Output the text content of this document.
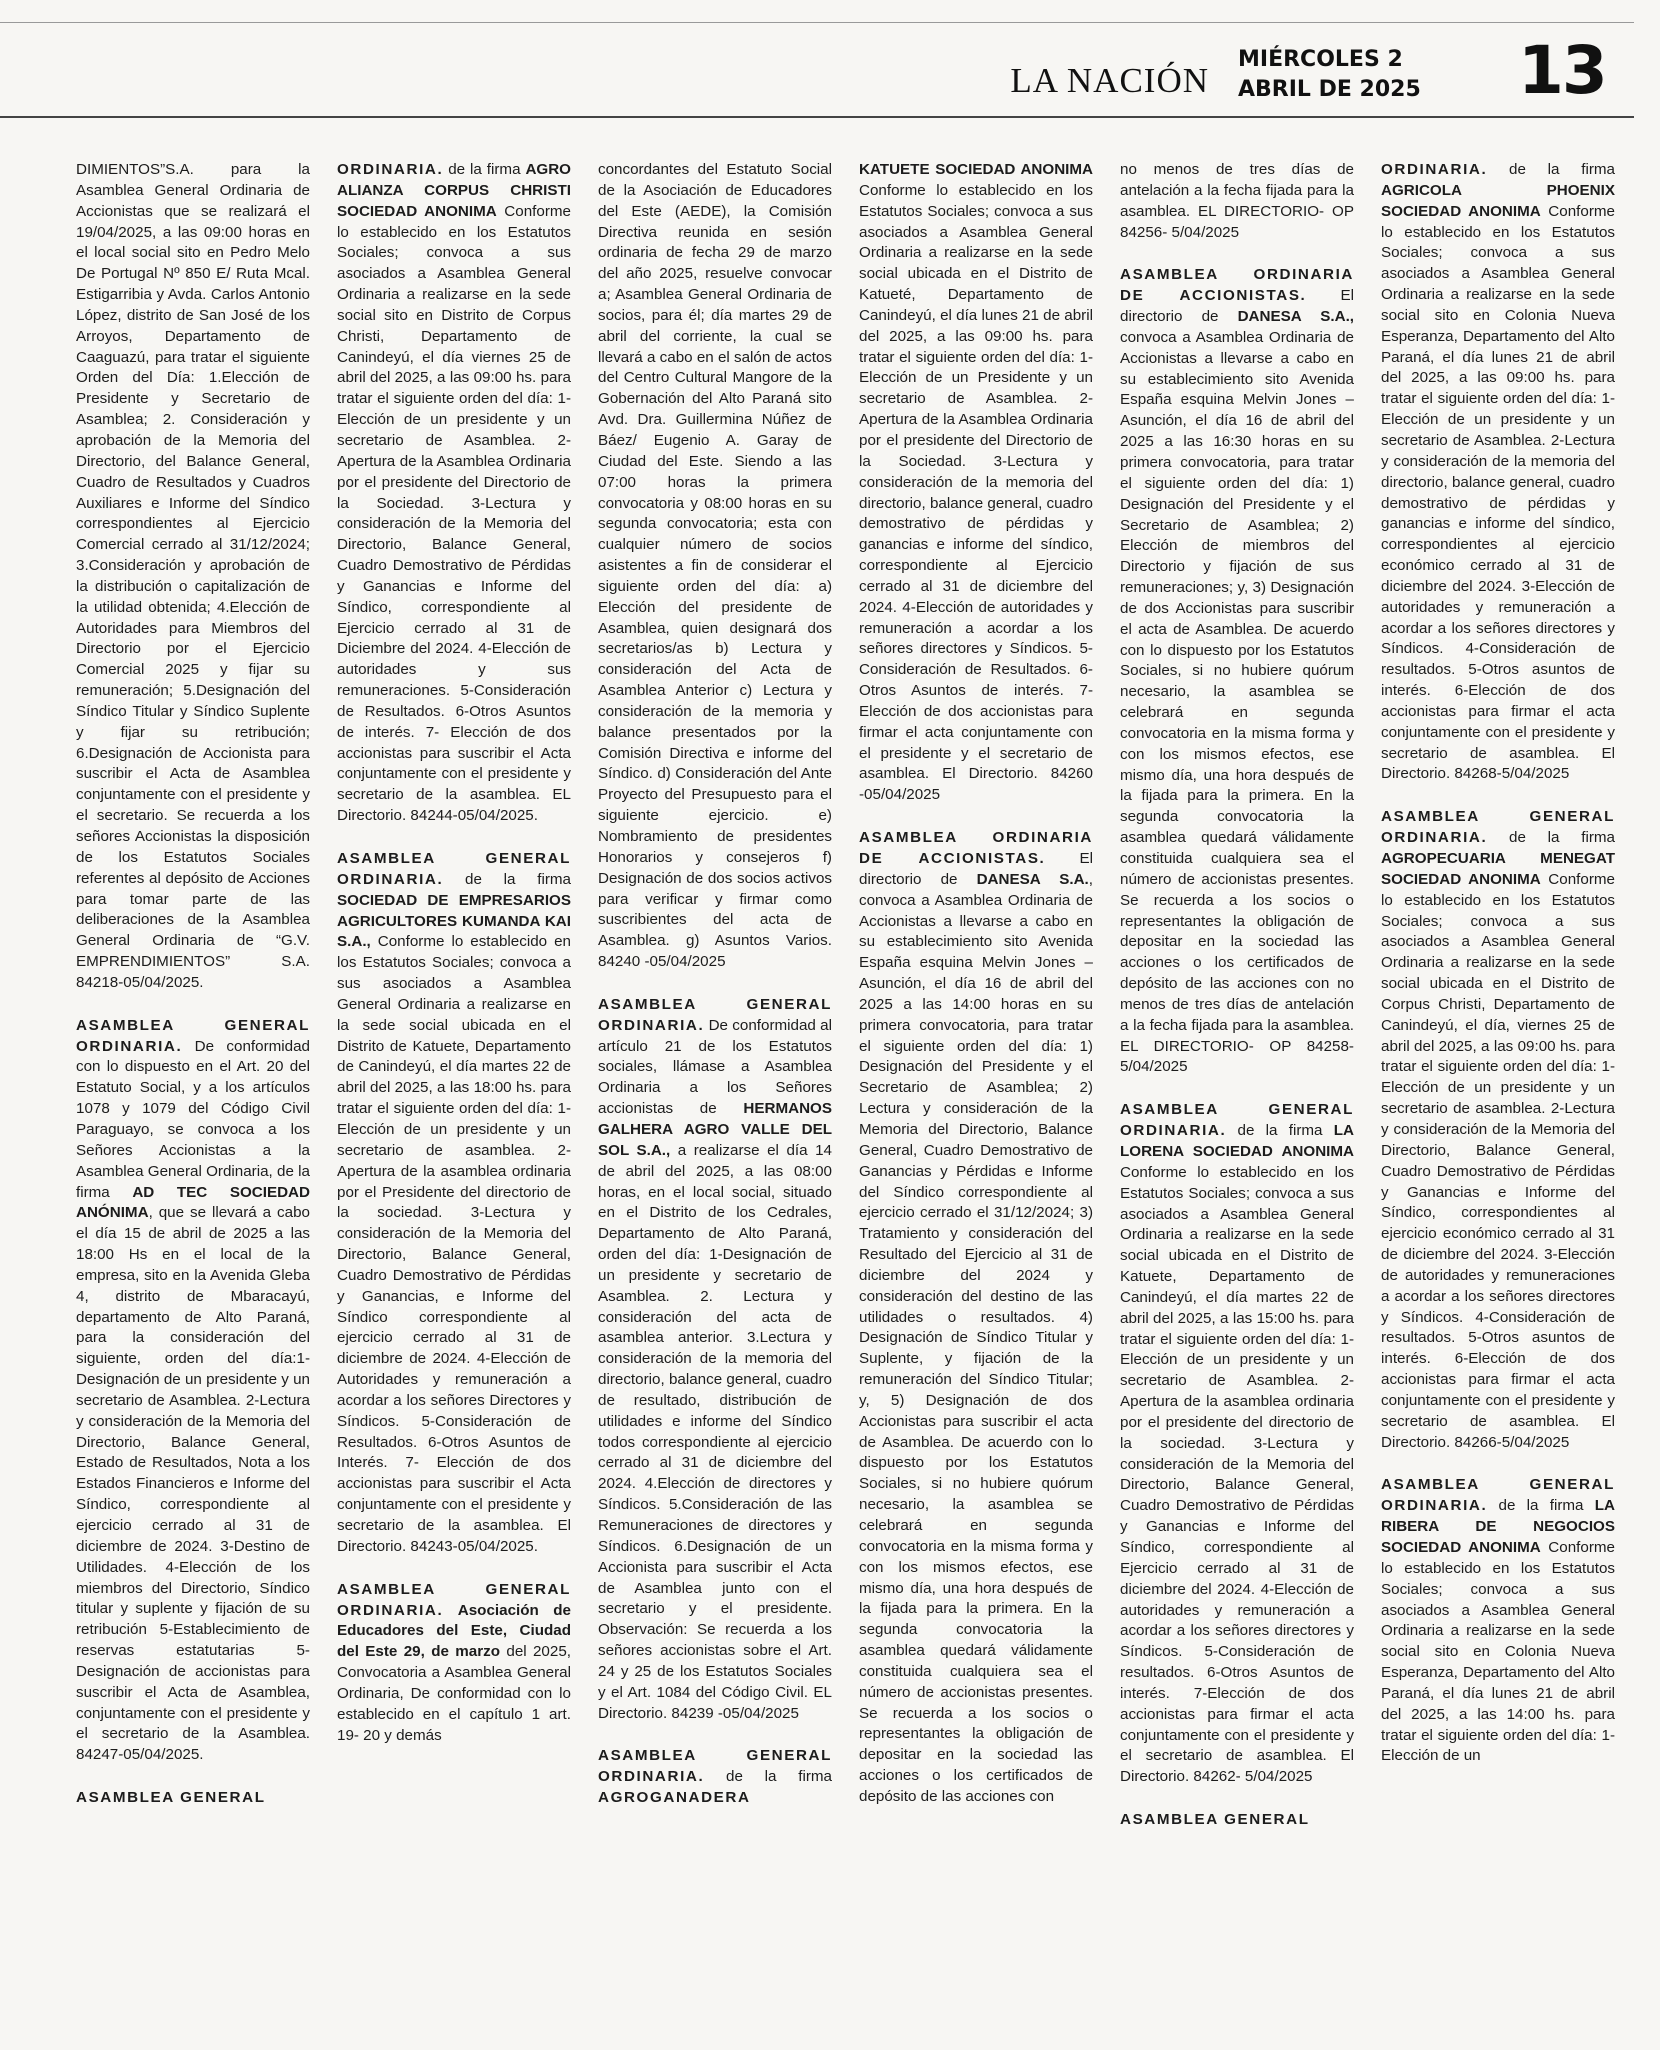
LA NACIÓN
MIÉRCOLES 2
ABRIL DE 2025 13

DIMIENTOS”S.A. para la Asamblea General Ordinaria de Accionistas que se realizará el 19/04/2025, a las 09:00 horas en el local social sito en Pedro Melo De Portugal Nº 850 E/ Ruta Mcal. Estigarribia y Avda. Carlos Antonio López, distrito de San José de los Arroyos, Departamento de Caaguazú, para tratar el siguiente Orden del Día: 1.Elección de Presidente y Secretario de Asamblea; 2. Consideración y aprobación de la Memoria del Directorio, del Balance General, Cuadro de Resultados y Cuadros Auxiliares e Informe del Síndico correspondientes al Ejercicio Comercial cerrado al 31/12/2024; 3.Consideración y aprobación de la distribución o capitalización de la utilidad obtenida; 4.Elección de Autoridades para Miembros del Directorio por el Ejercicio Comercial 2025 y fijar su remuneración; 5.Designación del Síndico Titular y Síndico Suplente y fijar su retribución; 6.Designación de Accionista para suscribir el Acta de Asamblea conjuntamente con el presidente y el secretario. Se recuerda a los señores Accionistas la disposición de los Estatutos Sociales referentes al depósito de Acciones para tomar parte de las deliberaciones de la Asamblea General Ordinaria de “G.V. EMPRENDIMIENTOS” S.A. 84218-05/04/2025.

ASAMBLEA GENERAL ORDINARIA. De conformidad con lo dispuesto en el Art. 20 del Estatuto Social, y a los artículos 1078 y 1079 del Código Civil Paraguayo, se convoca a los Señores Accionistas a la Asamblea General Ordinaria, de la firma AD TEC SOCIEDAD ANÓNIMA, que se llevará a cabo el día 15 de abril de 2025 a las 18:00 Hs en el local de la empresa, sito en la Avenida Gleba 4, distrito de Mbaracayú, departamento de Alto Paraná, para la consideración del siguiente, orden del día:1-Designación de un presidente y un secretario de Asamblea. 2-Lectura y consideración de la Memoria del Directorio, Balance General, Estado de Resultados, Nota a los Estados Financieros e Informe del Síndico, correspondiente al ejercicio cerrado al 31 de diciembre de 2024. 3-Destino de Utilidades. 4-Elección de los miembros del Directorio, Síndico titular y suplente y fijación de su retribución 5-Establecimiento de reservas estatutarias 5-Designación de accionistas para suscribir el Acta de Asamblea, conjuntamente con el presidente y el secretario de la Asamblea. 84247-05/04/2025.

ASAMBLEA GENERAL

ORDINARIA. de la firma AGRO ALIANZA CORPUS CHRISTI SOCIEDAD ANONIMA Conforme lo establecido en los Estatutos Sociales; convoca a sus asociados a Asamblea General Ordinaria a realizarse en la sede social sito en Distrito de Corpus Christi, Departamento de Canindeyú, el día viernes 25 de abril del 2025, a las 09:00 hs. para tratar el siguiente orden del día: 1-Elección de un presidente y un secretario de Asamblea. 2-Apertura de la Asamblea Ordinaria por el presidente del Directorio de la Sociedad. 3-Lectura y consideración de la Memoria del Directorio, Balance General, Cuadro Demostrativo de Pérdidas y Ganancias e Informe del Síndico, correspondiente al Ejercicio cerrado al 31 de Diciembre del 2024. 4-Elección de autoridades y sus remuneraciones. 5-Consideración de Resultados. 6-Otros Asuntos de interés. 7- Elección de dos accionistas para suscribir el Acta conjuntamente con el presidente y secretario de la asamblea. EL Directorio. 84244-05/04/2025.

ASAMBLEA GENERAL ORDINARIA. de la firma SOCIEDAD DE EMPRESARIOS AGRICULTORES KUMANDA KAI S.A., Conforme lo establecido en los Estatutos Sociales; convoca a sus asociados a Asamblea General Ordinaria a realizarse en la sede social ubicada en el Distrito de Katuete, Departamento de Canindeyú, el día martes 22 de abril del 2025, a las 18:00 hs. para tratar el siguiente orden del día: 1-Elección de un presidente y un secretario de asamblea. 2-Apertura de la asamblea ordinaria por el Presidente del directorio de la sociedad. 3-Lectura y consideración de la Memoria del Directorio, Balance General, Cuadro Demostrativo de Pérdidas y Ganancias, e Informe del Síndico correspondiente al ejercicio cerrado al 31 de diciembre de 2024. 4-Elección de Autoridades y remuneración a acordar a los señores Directores y Síndicos. 5-Consideración de Resultados. 6-Otros Asuntos de Interés. 7- Elección de dos accionistas para suscribir el Acta conjuntamente con el presidente y secretario de la asamblea. El Directorio. 84243-05/04/2025.

ASAMBLEA GENERAL ORDINARIA. Asociación de Educadores del Este, Ciudad del Este 29, de marzo del 2025, Convocatoria a Asamblea General Ordinaria, De conformidad con lo establecido en el capítulo 1 art. 19- 20 y demás

concordantes del Estatuto Social de la Asociación de Educadores del Este (AEDE), la Comisión Directiva reunida en sesión ordinaria de fecha 29 de marzo del año 2025, resuelve convocar a; Asamblea General Ordinaria de socios, para él; día martes 29 de abril del corriente, la cual se llevará a cabo en el salón de actos del Centro Cultural Mangore de la Gobernación del Alto Paraná sito Avd. Dra. Guillermina Núñez de Báez/ Eugenio A. Garay de Ciudad del Este. Siendo a las 07:00 horas la primera convocatoria y 08:00 horas en su segunda convocatoria; esta con cualquier número de socios asistentes a fin de considerar el siguiente orden del día: a) Elección del presidente de Asamblea, quien designará dos secretarios/as b) Lectura y consideración del Acta de Asamblea Anterior c) Lectura y consideración de la memoria y balance presentados por la Comisión Directiva e informe del Síndico. d) Consideración del Ante Proyecto del Presupuesto para el siguiente ejercicio. e) Nombramiento de presidentes Honorarios y consejeros f) Designación de dos socios activos para verificar y firmar como suscribientes del acta de Asamblea. g) Asuntos Varios. 84240 -05/04/2025

ASAMBLEA GENERAL ORDINARIA. De conformidad al artículo 21 de los Estatutos sociales, llámase a Asamblea Ordinaria a los Señores accionistas de HERMANOS GALHERA AGRO VALLE DEL SOL S.A., a realizarse el día 14 de abril del 2025, a las 08:00 horas, en el local social, situado en el Distrito de los Cedrales, Departamento de Alto Paraná, orden del día: 1-Designación de un presidente y secretario de Asamblea. 2. Lectura y consideración del acta de asamblea anterior. 3.Lectura y consideración de la memoria del directorio, balance general, cuadro de resultado, distribución de utilidades e informe del Síndico todos correspondiente al ejercicio cerrado al 31 de diciembre del 2024. 4.Elección de directores y Síndicos. 5.Consideración de las Remuneraciones de directores y Síndicos. 6.Designación de un Accionista para suscribir el Acta de Asamblea junto con el secretario y el presidente. Observación: Se recuerda a los señores accionistas sobre el Art. 24 y 25 de los Estatutos Sociales y el Art. 1084 del Código Civil. EL Directorio. 84239 -05/04/2025

ASAMBLEA GENERAL ORDINARIA. de la firma AGROGANADERA

KATUETE SOCIEDAD ANONIMA Conforme lo establecido en los Estatutos Sociales; convoca a sus asociados a Asamblea General Ordinaria a realizarse en la sede social ubicada en el Distrito de Katueté, Departamento de Canindeyú, el día lunes 21 de abril del 2025, a las 09:00 hs. para tratar el siguiente orden del día: 1-Elección de un Presidente y un secretario de Asamblea. 2-Apertura de la Asamblea Ordinaria por el presidente del Directorio de la Sociedad. 3-Lectura y consideración de la memoria del directorio, balance general, cuadro demostrativo de pérdidas y ganancias e informe del síndico, correspondiente al Ejercicio cerrado al 31 de diciembre del 2024. 4-Elección de autoridades y remuneración a acordar a los señores directores y Síndicos. 5-Consideración de Resultados. 6-Otros Asuntos de interés. 7-Elección de dos accionistas para firmar el acta conjuntamente con el presidente y el secretario de asamblea. El Directorio. 84260 -05/04/2025

ASAMBLEA ORDINARIA DE ACCIONISTAS. El directorio de DANESA S.A., convoca a Asamblea Ordinaria de Accionistas a llevarse a cabo en su establecimiento sito Avenida España esquina Melvin Jones – Asunción, el día 16 de abril del 2025 a las 14:00 horas en su primera convocatoria, para tratar el siguiente orden del día: 1) Designación del Presidente y el Secretario de Asamblea; 2) Lectura y consideración de la Memoria del Directorio, Balance General, Cuadro Demostrativo de Ganancias y Pérdidas e Informe del Síndico correspondiente al ejercicio cerrado el 31/12/2024; 3) Tratamiento y consideración del Resultado del Ejercicio al 31 de diciembre del 2024 y consideración del destino de las utilidades o resultados. 4) Designación de Síndico Titular y Suplente, y fijación de la remuneración del Síndico Titular; y, 5) Designación de dos Accionistas para suscribir el acta de Asamblea. De acuerdo con lo dispuesto por los Estatutos Sociales, si no hubiere quórum necesario, la asamblea se celebrará en segunda convocatoria en la misma forma y con los mismos efectos, ese mismo día, una hora después de la fijada para la primera. En la segunda convocatoria la asamblea quedará válidamente constituida cualquiera sea el número de accionistas presentes. Se recuerda a los socios o representantes la obligación de depositar en la sociedad las acciones o los certificados de depósito de las acciones con

no menos de tres días de antelación a la fecha fijada para la asamblea. EL DIRECTORIO- OP 84256- 5/04/2025

ASAMBLEA ORDINARIA DE ACCIONISTAS. El directorio de DANESA S.A., convoca a Asamblea Ordinaria de Accionistas a llevarse a cabo en su establecimiento sito Avenida España esquina Melvin Jones – Asunción, el día 16 de abril del 2025 a las 16:30 horas en su primera convocatoria, para tratar el siguiente orden del día: 1) Designación del Presidente y el Secretario de Asamblea; 2) Elección de miembros del Directorio y fijación de sus remuneraciones; y, 3) Designación de dos Accionistas para suscribir el acta de Asamblea. De acuerdo con lo dispuesto por los Estatutos Sociales, si no hubiere quórum necesario, la asamblea se celebrará en segunda convocatoria en la misma forma y con los mismos efectos, ese mismo día, una hora después de la fijada para la primera. En la segunda convocatoria la asamblea quedará válidamente constituida cualquiera sea el número de accionistas presentes. Se recuerda a los socios o representantes la obligación de depositar en la sociedad las acciones o los certificados de depósito de las acciones con no menos de tres días de antelación a la fecha fijada para la asamblea. EL DIRECTORIO- OP 84258- 5/04/2025

ASAMBLEA GENERAL ORDINARIA. de la firma LA LORENA SOCIEDAD ANONIMA Conforme lo establecido en los Estatutos Sociales; convoca a sus asociados a Asamblea General Ordinaria a realizarse en la sede social ubicada en el Distrito de Katuete, Departamento de Canindeyú, el día martes 22 de abril del 2025, a las 15:00 hs. para tratar el siguiente orden del día: 1-Elección de un presidente y un secretario de Asamblea. 2-Apertura de la asamblea ordinaria por el presidente del directorio de la sociedad. 3-Lectura y consideración de la Memoria del Directorio, Balance General, Cuadro Demostrativo de Pérdidas y Ganancias e Informe del Síndico, correspondiente al Ejercicio cerrado al 31 de diciembre del 2024. 4-Elección de autoridades y remuneración a acordar a los señores directores y Síndicos. 5-Consideración de resultados. 6-Otros Asuntos de interés. 7-Elección de dos accionistas para firmar el acta conjuntamente con el presidente y el secretario de asamblea. El Directorio. 84262- 5/04/2025

ASAMBLEA GENERAL

ORDINARIA. de la firma AGRICOLA PHOENIX SOCIEDAD ANONIMA Conforme lo establecido en los Estatutos Sociales; convoca a sus asociados a Asamblea General Ordinaria a realizarse en la sede social sito en Colonia Nueva Esperanza, Departamento del Alto Paraná, el día lunes 21 de abril del 2025, a las 09:00 hs. para tratar el siguiente orden del día: 1-Elección de un presidente y un secretario de Asamblea. 2-Lectura y consideración de la memoria del directorio, balance general, cuadro demostrativo de pérdidas y ganancias e informe del síndico, correspondientes al ejercicio económico cerrado al 31 de diciembre del 2024. 3-Elección de autoridades y remuneración a acordar a los señores directores y Síndicos. 4-Consideración de resultados. 5-Otros asuntos de interés. 6-Elección de dos accionistas para firmar el acta conjuntamente con el presidente y secretario de asamblea. El Directorio. 84268-5/04/2025

ASAMBLEA GENERAL ORDINARIA. de la firma AGROPECUARIA MENEGAT SOCIEDAD ANONIMA Conforme lo establecido en los Estatutos Sociales; convoca a sus asociados a Asamblea General Ordinaria a realizarse en la sede social ubicada en el Distrito de Corpus Christi, Departamento de Canindeyú, el día, viernes 25 de abril del 2025, a las 09:00 hs. para tratar el siguiente orden del día: 1-Elección de un presidente y un secretario de asamblea. 2-Lectura y consideración de la Memoria del Directorio, Balance General, Cuadro Demostrativo de Pérdidas y Ganancias e Informe del Síndico, correspondientes al ejercicio económico cerrado al 31 de diciembre del 2024. 3-Elección de autoridades y remuneraciones a acordar a los señores directores y Síndicos. 4-Consideración de resultados. 5-Otros asuntos de interés. 6-Elección de dos accionistas para firmar el acta conjuntamente con el presidente y secretario de asamblea. El Directorio. 84266-5/04/2025

ASAMBLEA GENERAL ORDINARIA. de la firma LA RIBERA DE NEGOCIOS SOCIEDAD ANONIMA Conforme lo establecido en los Estatutos Sociales; convoca a sus asociados a Asamblea General Ordinaria a realizarse en la sede social sito en Colonia Nueva Esperanza, Departamento del Alto Paraná, el día lunes 21 de abril del 2025, a las 14:00 hs. para tratar el siguiente orden del día: 1-Elección de un
